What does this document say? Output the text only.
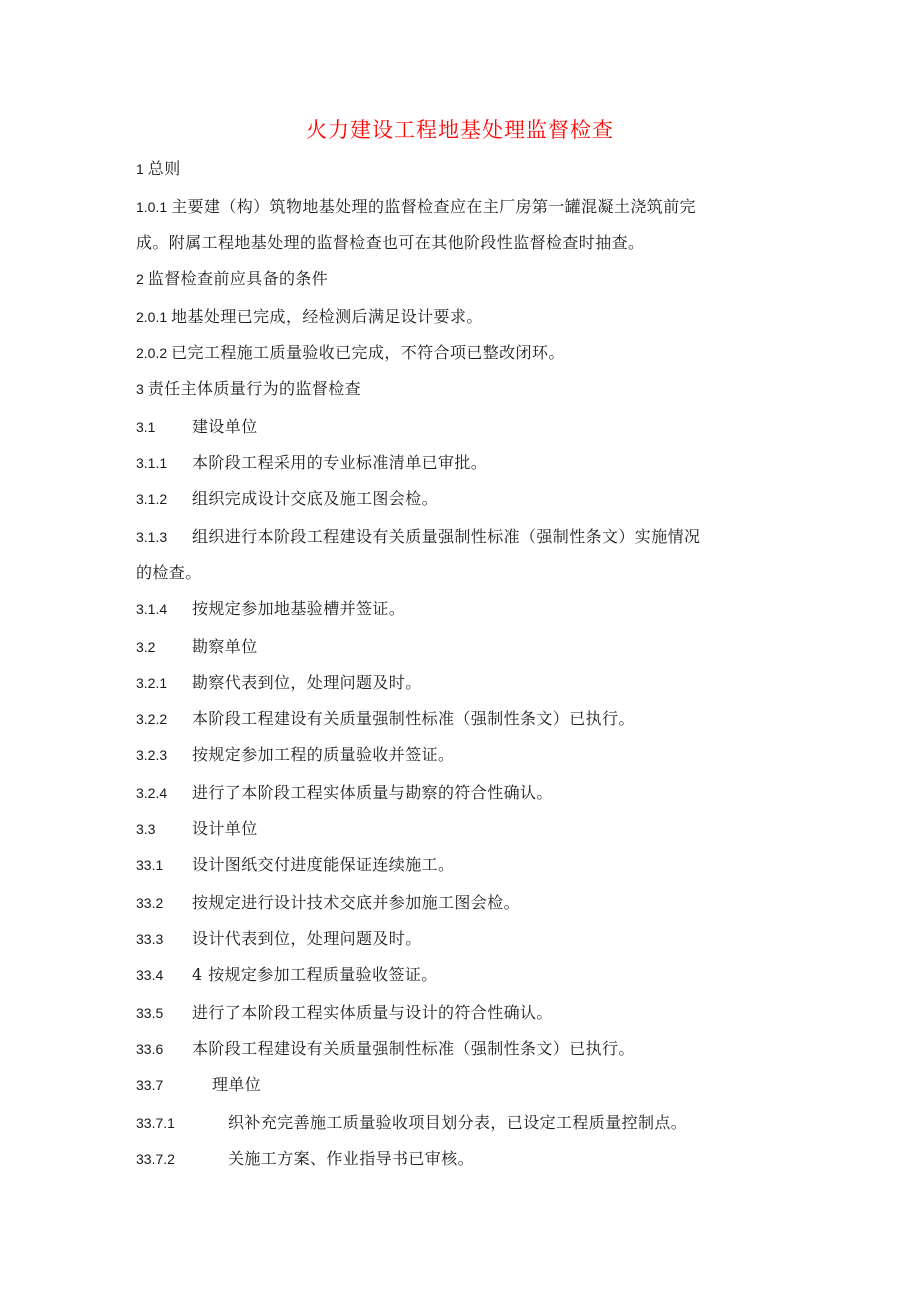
火力建设工程地基处理监督检查
1 总则
1.0.1 主要建（构）筑物地基处理的监督检查应在主厂房第一罐混凝土浇筑前完
成。附属工程地基处理的监督检查也可在其他阶段性监督检查时抽查。
2 监督检查前应具备的条件
2.0.1 地基处理已完成，经检测后满足设计要求。
2.0.2 已完工程施工质量验收已完成，不符合项已整改闭环。
3 责任主体质量行为的监督检查
3.1 建设单位
3.1.1 本阶段工程采用的专业标准清单已审批。
3.1.2 组织完成设计交底及施工图会检。
3.1.3 组织进行本阶段工程建设有关质量强制性标准（强制性条文）实施情况
的检查。
3.1.4 按规定参加地基验槽并签证。
3.2 勘察单位
3.2.1 勘察代表到位，处理问题及时。
3.2.2 本阶段工程建设有关质量强制性标准（强制性条文）已执行。
3.2.3 按规定参加工程的质量验收并签证。
3.2.4 进行了本阶段工程实体质量与勘察的符合性确认。
3.3 设计单位
33.1 设计图纸交付进度能保证连续施工。
33.2 按规定进行设计技术交底并参加施工图会检。
33.3 设计代表到位，处理问题及时。
33.4 4 按规定参加工程质量验收签证。
33.5 进行了本阶段工程实体质量与设计的符合性确认。
33.6 本阶段工程建设有关质量强制性标准（强制性条文）已执行。
33.7	理单位
33.7.1	织补充完善施工质量验收项目划分表，已设定工程质量控制点。
33.7.2	关施工方案、作业指导书已审核。
